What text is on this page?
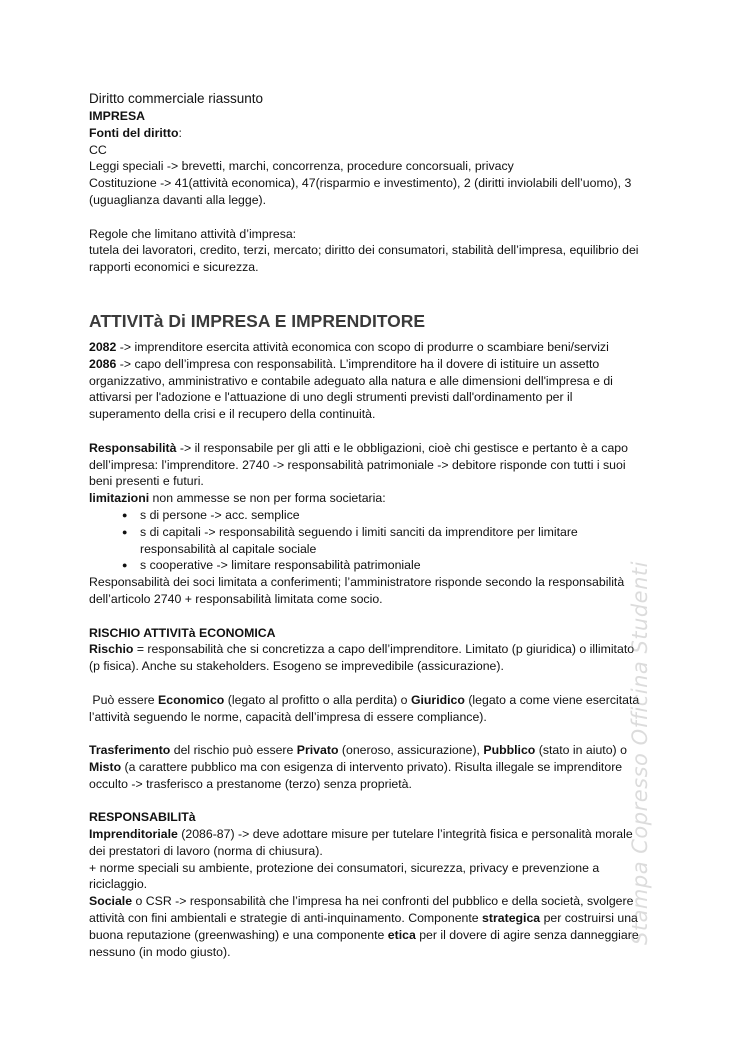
Diritto commerciale riassunto
IMPRESA
Fonti del diritto:
CC
Leggi speciali -> brevetti, marchi, concorrenza, procedure concorsuali, privacy
Costituzione -> 41(attività economica), 47(risparmio e investimento), 2 (diritti inviolabili dell’uomo), 3
(uguaglianza davanti alla legge).
Regole che limitano attività d’impresa:
tutela dei lavoratori, credito, terzi, mercato; diritto dei consumatori, stabilità dell’impresa, equilibrio dei
rapporti economici e sicurezza.
ATTIVITà Di IMPRESA E IMPRENDITORE
2082 -> imprenditore esercita attività economica con scopo di produrre o scambiare beni/servizi
2086 -> capo dell’impresa con responsabilità. L’imprenditore ha il dovere di istituire un assetto
organizzativo, amministrativo e contabile adeguato alla natura e alle dimensioni dell'impresa e di
attivarsi per l'adozione e l'attuazione di uno degli strumenti previsti dall'ordinamento per il
superamento della crisi e il recupero della continuità.
Responsabilità -> il responsabile per gli atti e le obbligazioni, cioè chi gestisce e pertanto è a capo
dell’impresa: l’imprenditore. 2740 -> responsabilità patrimoniale -> debitore risponde con tutti i suoi
beni presenti e futuri.
limitazioni non ammesse se non per forma societaria:
● s di persone -> acc. semplice
● s di capitali -> responsabilità seguendo i limiti sanciti da imprenditore per limitare responsabilità al capitale sociale
● s cooperative -> limitare responsabilità patrimoniale
Responsabilità dei soci limitata a conferimenti; l’amministratore risponde secondo la responsabilità
dell’articolo 2740 + responsabilità limitata come socio.
RISCHIO ATTIVITà ECONOMICA
Rischio = responsabilità che si concretizza a capo dell’imprenditore. Limitato (p giuridica) o illimitato
(p fisica). Anche su stakeholders. Esogeno se imprevedibile (assicurazione).
Può essere Economico (legato al profitto o alla perdita) o Giuridico (legato a come viene esercitata
l’attività seguendo le norme, capacità dell’impresa di essere compliance).
Trasferimento del rischio può essere Privato (oneroso, assicurazione), Pubblico (stato in aiuto) o
Misto (a carattere pubblico ma con esigenza di intervento privato). Risulta illegale se imprenditore
occulto -> trasferisco a prestanome (terzo) senza proprietà.
RESPONSABILITà
Imprenditoriale (2086-87) -> deve adottare misure per tutelare l’integrità fisica e personalità morale
dei prestatori di lavoro (norma di chiusura).
+ norme speciali su ambiente, protezione dei consumatori, sicurezza, privacy e prevenzione a
riciclaggio.
Sociale o CSR -> responsabilità che l’impresa ha nei confronti del pubblico e della società, svolgere
attività con fini ambientali e strategie di anti-inquinamento. Componente strategica per costruirsi una
buona reputazione (greenwashing) e una componente etica per il dovere di agire senza danneggiare
nessuno (in modo giusto).
Stampa Copresso Officina Studenti
